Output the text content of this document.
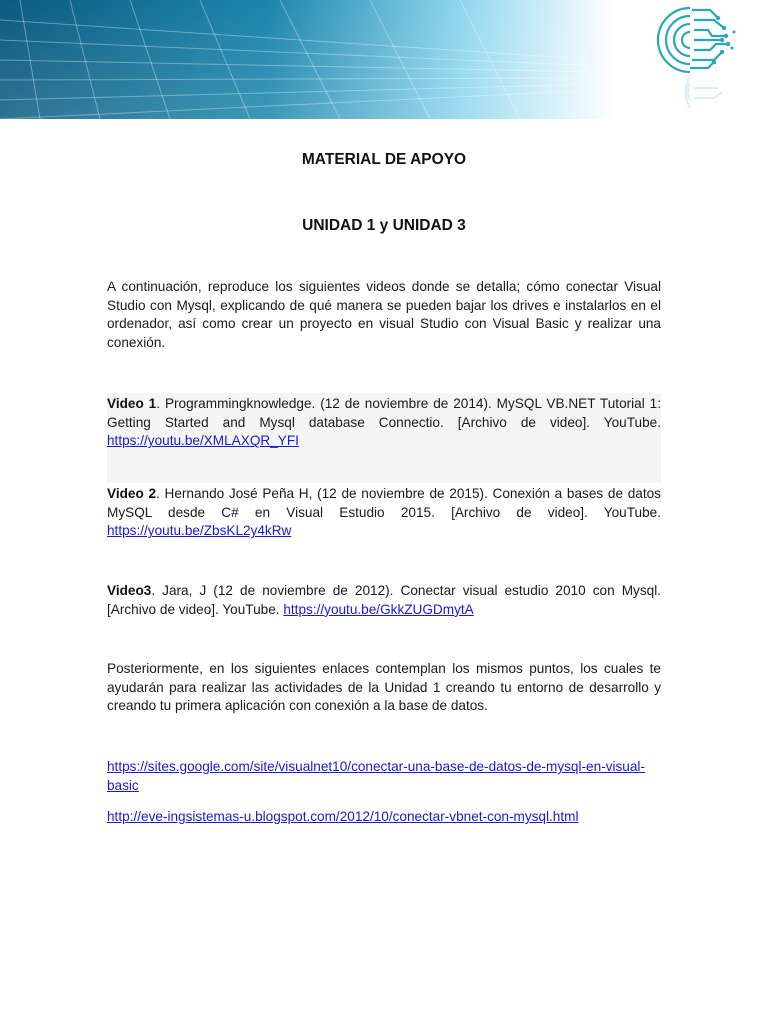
MATERIAL DE APOYO
UNIDAD 1 y UNIDAD 3

A continuación, reproduce los siguientes videos donde se detalla; cómo conectar Visual Studio con Mysql, explicando de qué manera se pueden bajar los drives e instalarlos en el ordenador, así como crear un proyecto en visual Studio con Visual Basic y realizar una conexión.

Video 1. Programmingknowledge. (12 de noviembre de 2014). MySQL VB.NET Tutorial 1: Getting Started and Mysql database Connectio. [Archivo de video]. YouTube. https://youtu.be/XMLAXQR_YFI

Video 2. Hernando José Peña H, (12 de noviembre de 2015). Conexión a bases de datos MySQL desde C# en Visual Estudio 2015. [Archivo de video]. YouTube. https://youtu.be/ZbsKL2y4kRw

Video3. Jara, J (12 de noviembre de 2012). Conectar visual estudio 2010 con Mysql. [Archivo de video]. YouTube. https://youtu.be/GkkZUGDmytA

Posteriormente, en los siguientes enlaces contemplan los mismos puntos, los cuales te ayudarán para realizar las actividades de la Unidad 1 creando tu entorno de desarrollo y creando tu primera aplicación con conexión a la base de datos.

https://sites.google.com/site/visualnet10/conectar-una-base-de-datos-de-mysql-en-visual-basic

http://eve-ingsistemas-u.blogspot.com/2012/10/conectar-vbnet-con-mysql.html
